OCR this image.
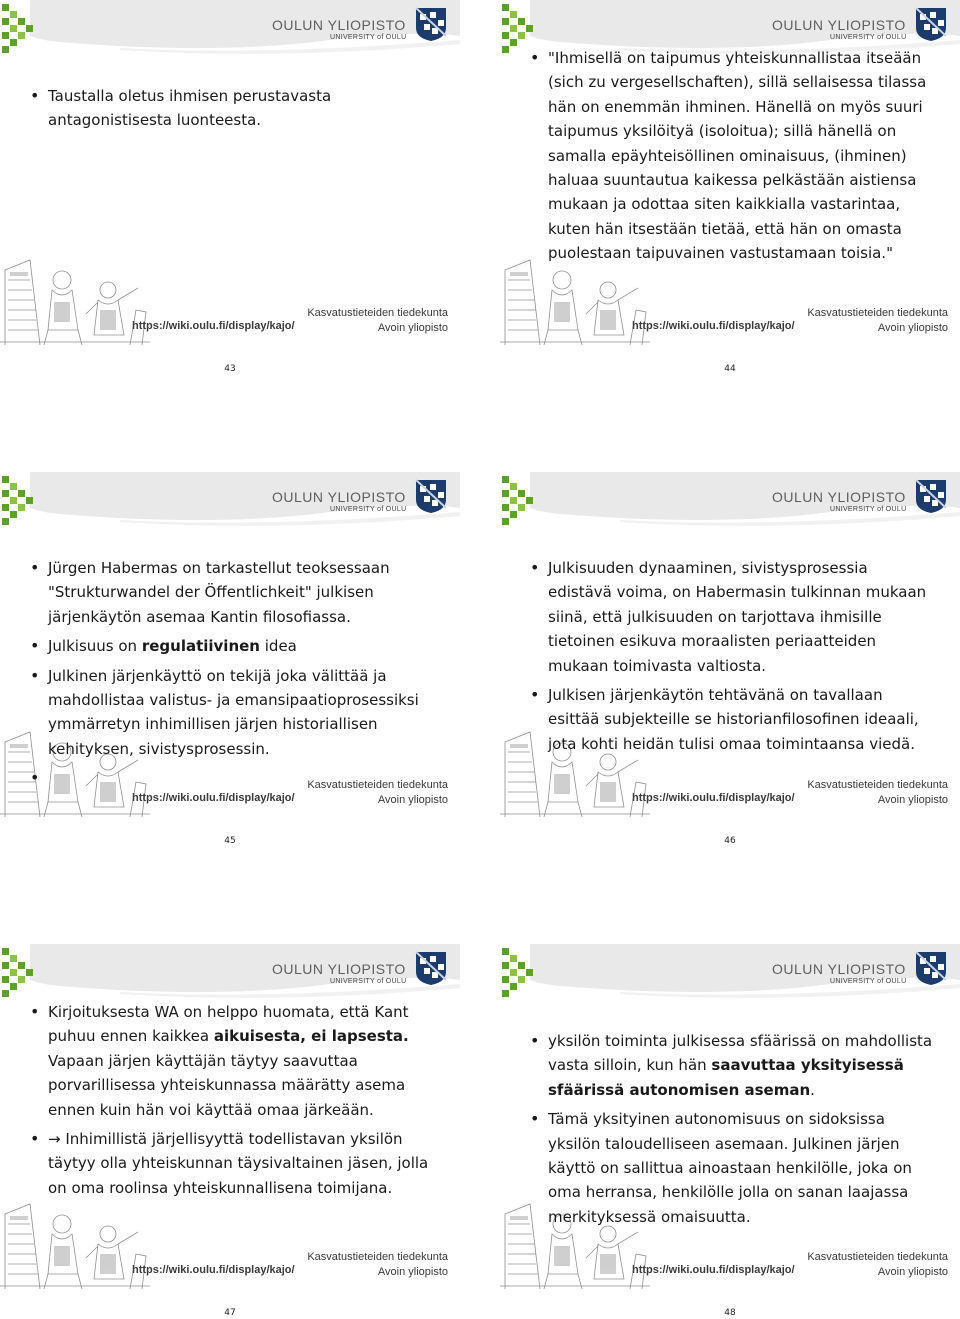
OULUN YLIOPISTO
UNIVERSITY of OULU
https://wiki.oulu.fi/display/kajo/
Kasvatustieteiden tiedekunta
Avoin yliopisto
• Taustalla oletus ihmisen perustavasta antagonistisesta luonteesta.
OULUN YLIOPISTO
UNIVERSITY of OULU
https://wiki.oulu.fi/display/kajo/
Kasvatustieteiden tiedekunta
Avoin yliopisto
• "Ihmisellä on taipumus yhteiskunnallistaa itseään (sich zu vergesellschaften), sillä sellaisessa tilassa hän on enemmän ihminen. Hänellä on myös suuri taipumus yksilöityä (isoloitua); sillä hänellä on samalla epäyhteisöllinen ominaisuus, (ihminen) haluaa suuntautua kaikessa pelkästään aistiensa mukaan ja odottaa siten kaikkialla vastarintaa, kuten hän itsestään tietää, että hän on omasta puolestaan taipuvainen vastustamaan toisia."
OULUN YLIOPISTO
UNIVERSITY of OULU
https://wiki.oulu.fi/display/kajo/
Kasvatustieteiden tiedekunta
Avoin yliopisto
• Jürgen Habermas on tarkastellut teoksessaan "Strukturwandel der Öffentlichkeit" julkisen järjenkäytön asemaa Kantin filosofiassa.
• Julkisuus on regulatiivinen idea
• Julkinen järjenkäyttö on tekijä joka välittää ja mahdollistaa valistus- ja emansipaatioprosessiksi ymmärretyn inhimillisen järjen historiallisen kehityksen, sivistysprosessin.
•
OULUN YLIOPISTO
UNIVERSITY of OULU
https://wiki.oulu.fi/display/kajo/
Kasvatustieteiden tiedekunta
Avoin yliopisto
• Julkisuuden dynaaminen, sivistysprosessia edistävä voima, on Habermasin tulkinnan mukaan siinä, että julkisuuden on tarjottava ihmisille tietoinen esikuva moraalisten periaatteiden mukaan toimivasta valtiosta.
• Julkisen järjenkäytön tehtävänä on tavallaan esittää subjekteille se historianfilosofinen ideaali, jota kohti heidän tulisi omaa toimintaansa viedä.
OULUN YLIOPISTO
UNIVERSITY of OULU
https://wiki.oulu.fi/display/kajo/
Kasvatustieteiden tiedekunta
Avoin yliopisto
• Kirjoituksesta WA on helppo huomata, että Kant puhuu ennen kaikkea aikuisesta, ei lapsesta. Vapaan järjen käyttäjän täytyy saavuttaa porvarillisessa yhteiskunnassa määrätty asema ennen kuin hän voi käyttää omaa järkeään.
• → Inhimillistä järjellisyyttä todellistavan yksilön täytyy olla yhteiskunnan täysivaltainen jäsen, jolla on oma roolinsa yhteiskunnallisena toimijana.
OULUN YLIOPISTO
UNIVERSITY of OULU
https://wiki.oulu.fi/display/kajo/
Kasvatustieteiden tiedekunta
Avoin yliopisto
• yksilön toiminta julkisessa sfäärissä on mahdollista vasta silloin, kun hän saavuttaa yksityisessä sfäärissä autonomisen aseman.
• Tämä yksityinen autonomisuus on sidoksissa yksilön taloudelliseen asemaan. Julkinen järjen käyttö on sallittua ainoastaan henkilölle, joka on oma herransa, henkilölle jolla on sanan laajassa merkityksessä omaisuutta.
43	44
45	46
47	48
